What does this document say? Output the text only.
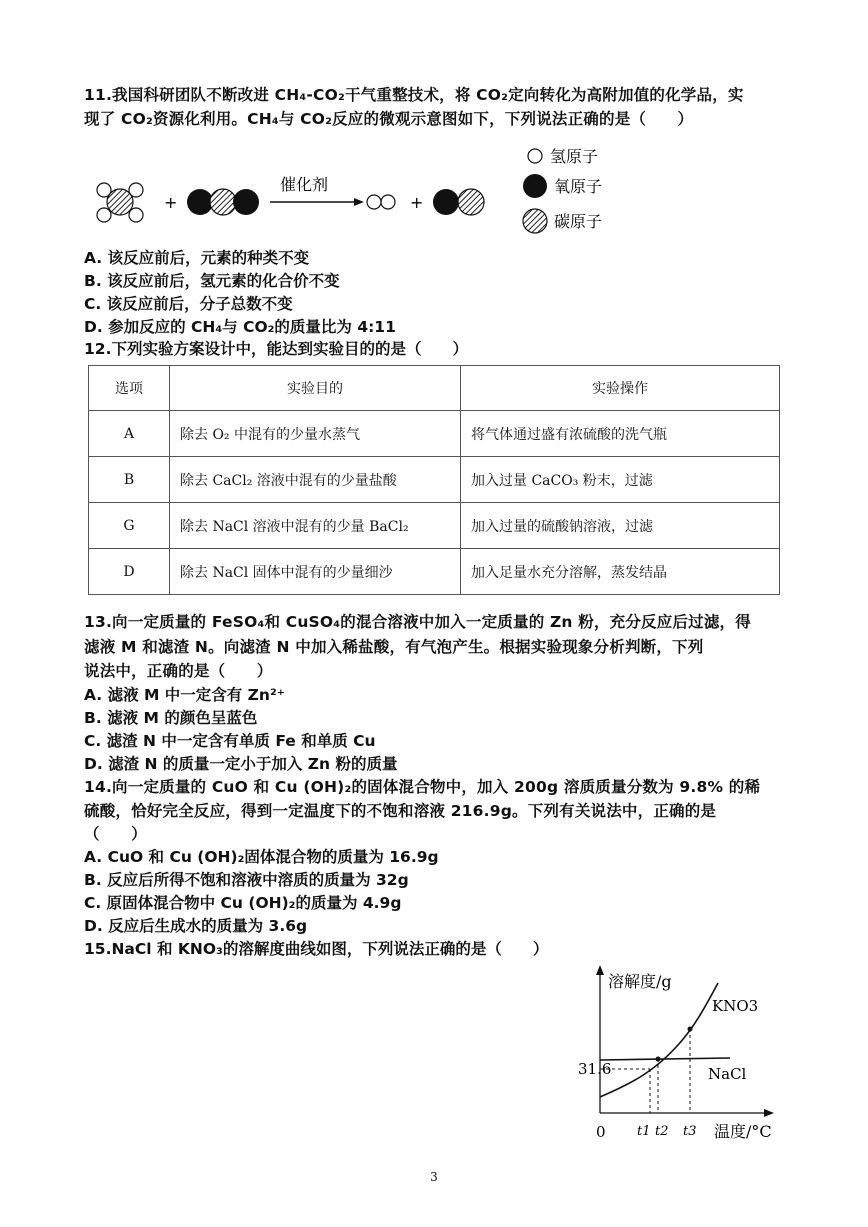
11.我国科研团队不断改进 CH₄-CO₂干气重整技术，将 CO₂定向转化为高附加值的化学品，实
现了 CO₂资源化利用。CH₄与 CO₂反应的微观示意图如下，下列说法正确的是（　　）
+
催化剂
+
氢原子
氧原子
碳原子
A. 该反应前后，元素的种类不变
B. 该反应前后，氢元素的化合价不变
C. 该反应前后，分子总数不变
D. 参加反应的 CH₄与 CO₂的质量比为 4:11
12.下列实验方案设计中，能达到实验目的的是（　　）
选项	实验目的	实验操作
A	除去 O₂ 中混有的少量水蒸气	将气体通过盛有浓硫酸的洗气瓶
B	除去 CaCl₂ 溶液中混有的少量盐酸	加入过量 CaCO₃ 粉末，过滤
G	除去 NaCl 溶液中混有的少量 BaCl₂	加入过量的硫酸钠溶液，过滤
D	除去 NaCl 固体中混有的少量细沙	加入足量水充分溶解，蒸发结晶
13.向一定质量的 FeSO₄和 CuSO₄的混合溶液中加入一定质量的 Zn 粉，充分反应后过滤，得
滤液 M 和滤渣 N。向滤渣 N 中加入稀盐酸，有气泡产生。根据实验现象分析判断，下列
说法中，正确的是（　　）
A. 滤液 M 中一定含有 Zn²⁺
B. 滤液 M 的颜色呈蓝色
C. 滤渣 N 中一定含有单质 Fe 和单质 Cu
D. 滤渣 N 的质量一定小于加入 Zn 粉的质量
14.向一定质量的 CuO 和 Cu (OH)₂的固体混合物中，加入 200g 溶质质量分数为 9.8% 的稀
硫酸，恰好完全反应，得到一定温度下的不饱和溶液 216.9g。下列有关说法中，正确的是
（　　）
A. CuO 和 Cu (OH)₂固体混合物的质量为 16.9g
B. 反应后所得不饱和溶液中溶质的质量为 32g
C. 原固体混合物中 Cu (OH)₂的质量为 4.9g
D. 反应后生成水的质量为 3.6g
15.NaCl 和 KNO₃的溶解度曲线如图，下列说法正确的是（　　）
溶解度/g
温度/°C
0
31.6
t1 t2 t3
KNO3
NaCl
3
